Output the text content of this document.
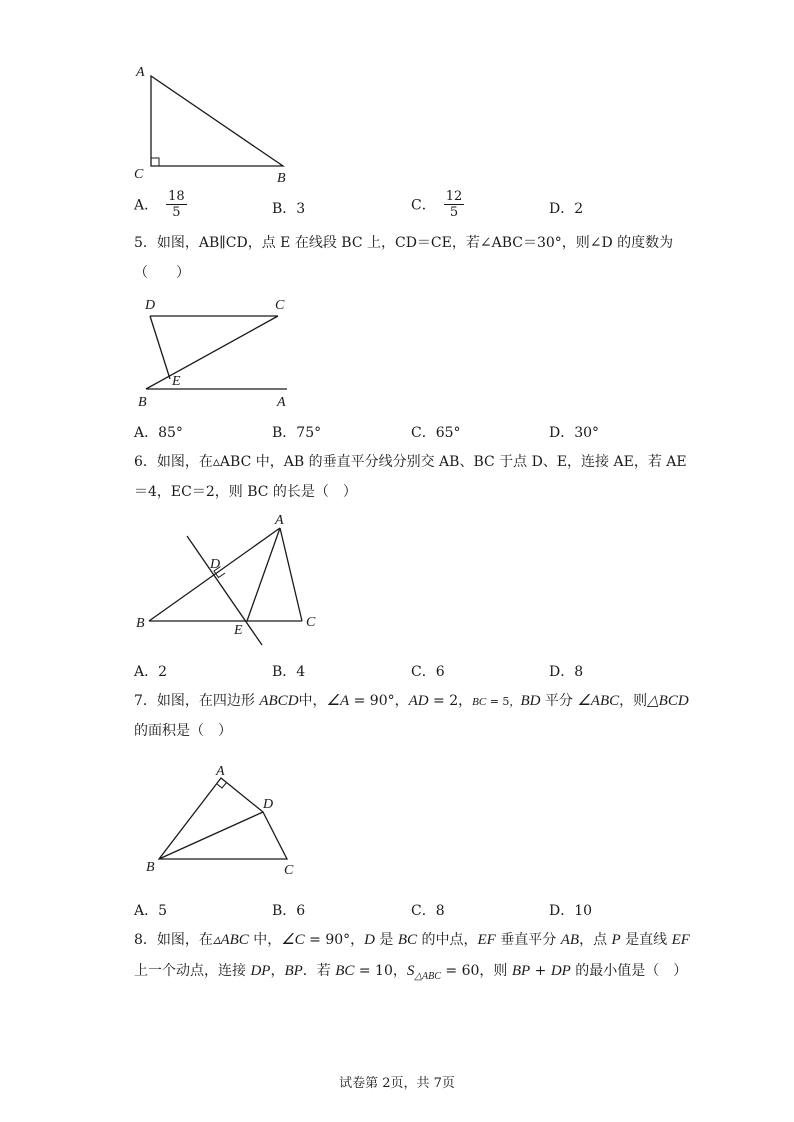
A
C	B
A． $\frac{18}{5}$	B．3	C． $\frac{12}{5}$	D．2
5．如图，AB∥CD，点 E 在线段 BC 上，CD＝CE，若∠ABC＝30°，则∠D 的度数为
（　　）
D	C
E
B	A
A．85°	B．75°	C．65°	D．30°
6．如图，在▵ABC 中，AB 的垂直平分线分别交 AB、BC 于点 D、E，连接 AE，若 AE
＝4，EC＝2，则 BC 的长是（　）
A
D
B	E
C
A．2	B．4	C．6	D．8
7．如图，在四边形 ABCD中，∠A = 90°，AD = 2，BC = 5，BD 平分 ∠ABC，则△BCD
的面积是（　）
A
D
B	C
A．5	B．6	C．8	D．10
8．如图，在▵ABC 中，∠C = 90°，D 是 BC 的中点，EF 垂直平分 AB，点 P 是直线 EF
上一个动点，连接 DP，BP．若 BC = 10，$S_{\triangle ABC} = 60$，则 BP + DP 的最小值是（　）
试卷第 2页，共 7页
